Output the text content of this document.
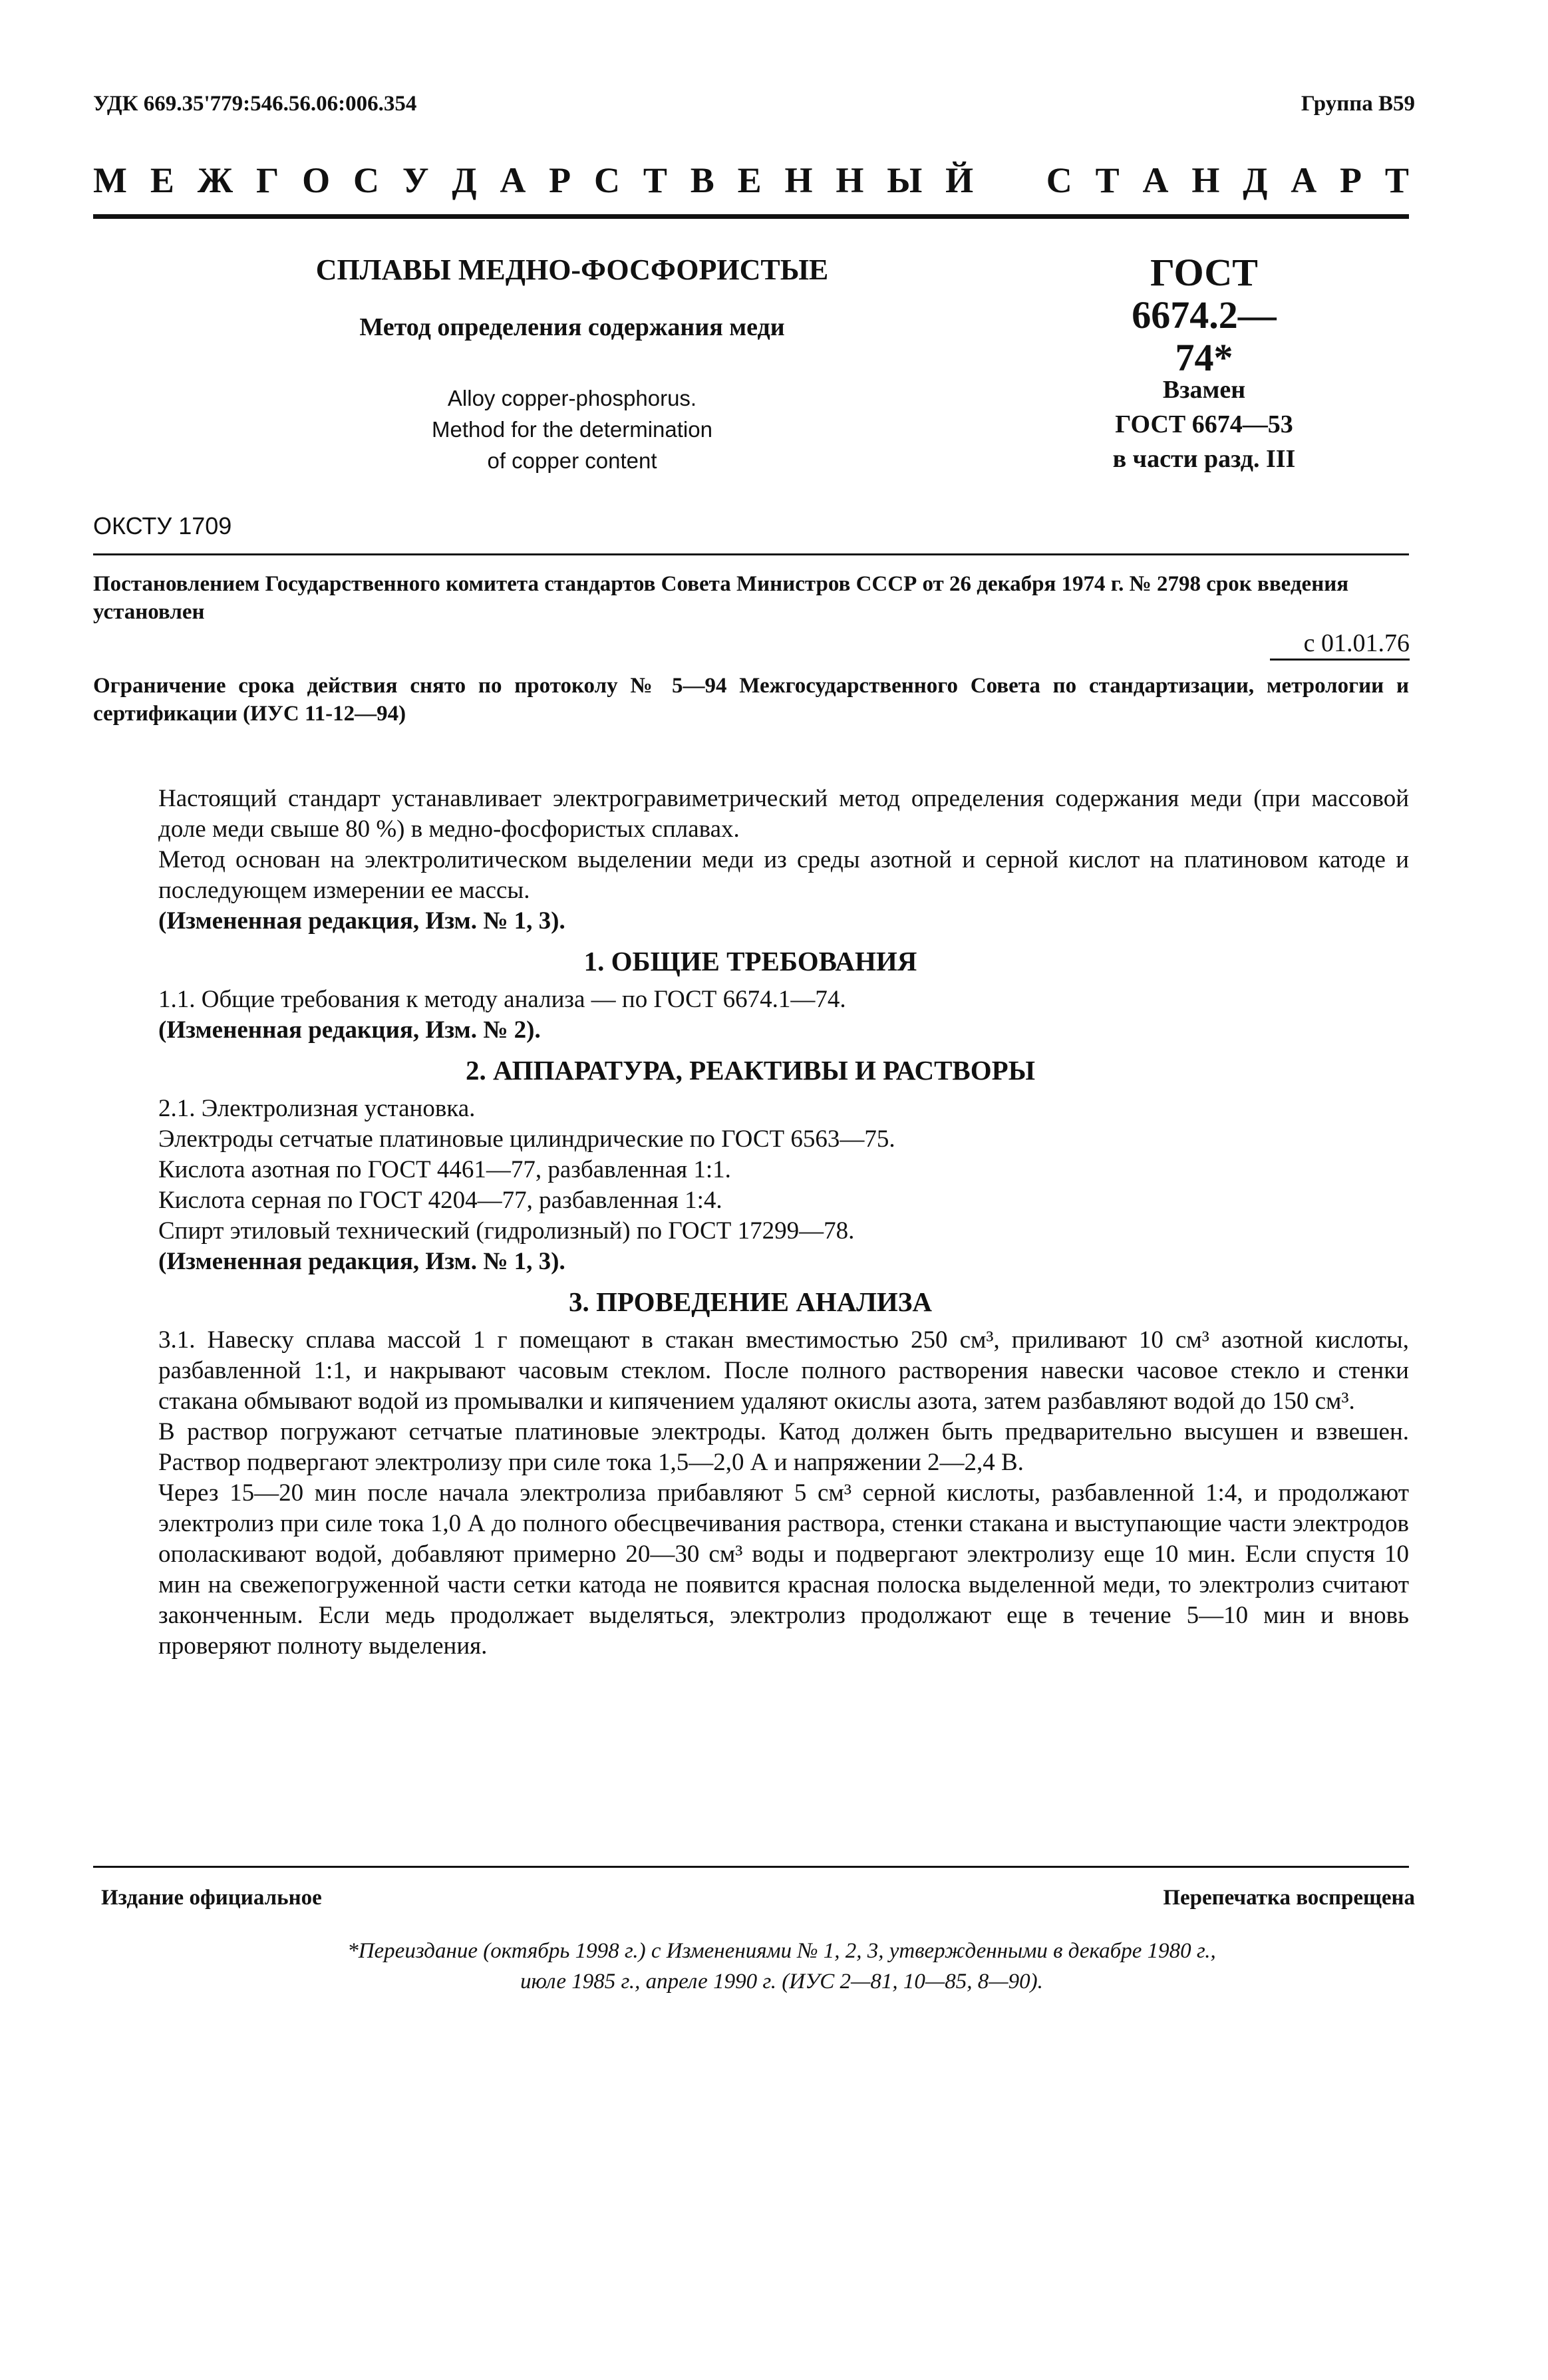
УДК 669.35'779:546.56.06:006.354	Группа В59
М Е Ж Г О С У Д А Р С Т В Е Н Н Ы Й С Т А Н Д А Р Т
СПЛАВЫ МЕДНО-ФОСФОРИСТЫЕ
Метод определения содержания меди
Alloy copper-phosphorus.
Method for the determination
of copper content
ГОСТ
6674.2—74*
Взамен
ГОСТ 6674—53
в части разд. III
ОКСТУ 1709
Постановлением Государственного комитета стандартов Совета Министров СССР от 26 декабря 1974 г. № 2798 срок введения установлен
с 01.01.76
Ограничение срока действия снято по протоколу № 5—94 Межгосударственного Совета по стандартизации, метрологии и сертификации (ИУС 11-12—94)

Настоящий стандарт устанавливает электрогравиметрический метод определения содержания меди (при массовой доле меди свыше 80 %) в медно-фосфористых сплавах.

Метод основан на электролитическом выделении меди из среды азотной и серной кислот на платиновом катоде и последующем измерении ее массы.

(Измененная редакция, Изм. № 1, 3).

1. ОБЩИЕ ТРЕБОВАНИЯ

1.1. Общие требования к методу анализа — по ГОСТ 6674.1—74.

(Измененная редакция, Изм. № 2).

2. АППАРАТУРА, РЕАКТИВЫ И РАСТВОРЫ

2.1. Электролизная установка.

Электроды сетчатые платиновые цилиндрические по ГОСТ 6563—75.

Кислота азотная по ГОСТ 4461—77, разбавленная 1:1.

Кислота серная по ГОСТ 4204—77, разбавленная 1:4.

Спирт этиловый технический (гидролизный) по ГОСТ 17299—78.

(Измененная редакция, Изм. № 1, 3).

3. ПРОВЕДЕНИЕ АНАЛИЗА

3.1. Навеску сплава массой 1 г помещают в стакан вместимостью 250 см³, приливают 10 см³ азотной кислоты, разбавленной 1:1, и накрывают часовым стеклом. После полного растворения навески часовое стекло и стенки стакана обмывают водой из промывалки и кипячением удаляют окислы азота, затем разбавляют водой до 150 см³.

В раствор погружают сетчатые платиновые электроды. Катод должен быть предварительно высушен и взвешен. Раствор подвергают электролизу при силе тока 1,5—2,0 А и напряжении 2—2,4 В.

Через 15—20 мин после начала электролиза прибавляют 5 см³ серной кислоты, разбавленной 1:4, и продолжают электролиз при силе тока 1,0 А до полного обесцвечивания раствора, стенки стакана и выступающие части электродов ополаскивают водой, добавляют примерно 20—30 см³ воды и подвергают электролизу еще 10 мин. Если спустя 10 мин на свежепогруженной части сетки катода не появится красная полоска выделенной меди, то электролиз считают законченным. Если медь продолжает выделяться, электролиз продолжают еще в течение 5—10 мин и вновь проверяют полноту выделения.

Издание официальное	Перепечатка воспрещена
*Переиздание (октябрь 1998 г.) с Изменениями № 1, 2, 3, утвержденными в декабре 1980 г.,
июле 1985 г., апреле 1990 г. (ИУС 2—81, 10—85, 8—90).
